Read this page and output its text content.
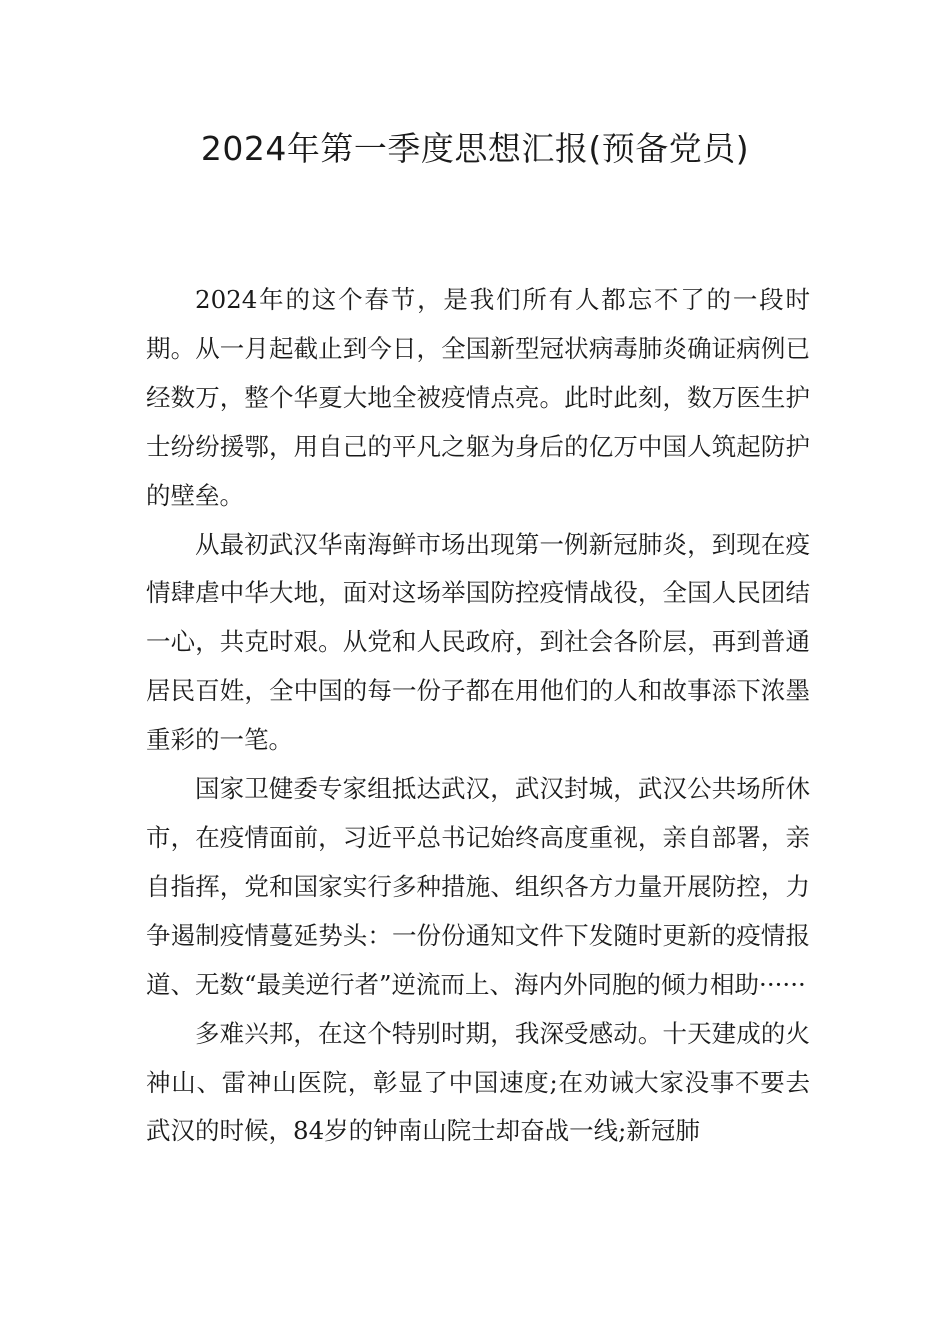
2024年第一季度思想汇报(预备党员)

2024年的这个春节，是我们所有人都忘不了的一段时期。从一月起截止到今日，全国新型冠状病毒肺炎确证病例已经数万，整个华夏大地全被疫情点亮。此时此刻，数万医生护士纷纷援鄂，用自己的平凡之躯为身后的亿万中国人筑起防护的壁垒。

从最初武汉华南海鲜市场出现第一例新冠肺炎，到现在疫情肆虐中华大地，面对这场举国防控疫情战役，全国人民团结一心，共克时艰。从党和人民政府，到社会各阶层，再到普通居民百姓，全中国的每一份子都在用他们的人和故事添下浓墨重彩的一笔。

国家卫健委专家组抵达武汉，武汉封城，武汉公共场所休市，在疫情面前，习近平总书记始终高度重视，亲自部署，亲自指挥，党和国家实行多种措施、组织各方力量开展防控，力争遏制疫情蔓延势头：一份份通知文件下发随时更新的疫情报道、无数“最美逆行者”逆流而上、海内外同胞的倾力相助······

多难兴邦，在这个特别时期，我深受感动。十天建成的火神山、雷神山医院，彰显了中国速度;在劝诫大家没事不要去武汉的时候，84岁的钟南山院士却奋战一线;新冠肺
